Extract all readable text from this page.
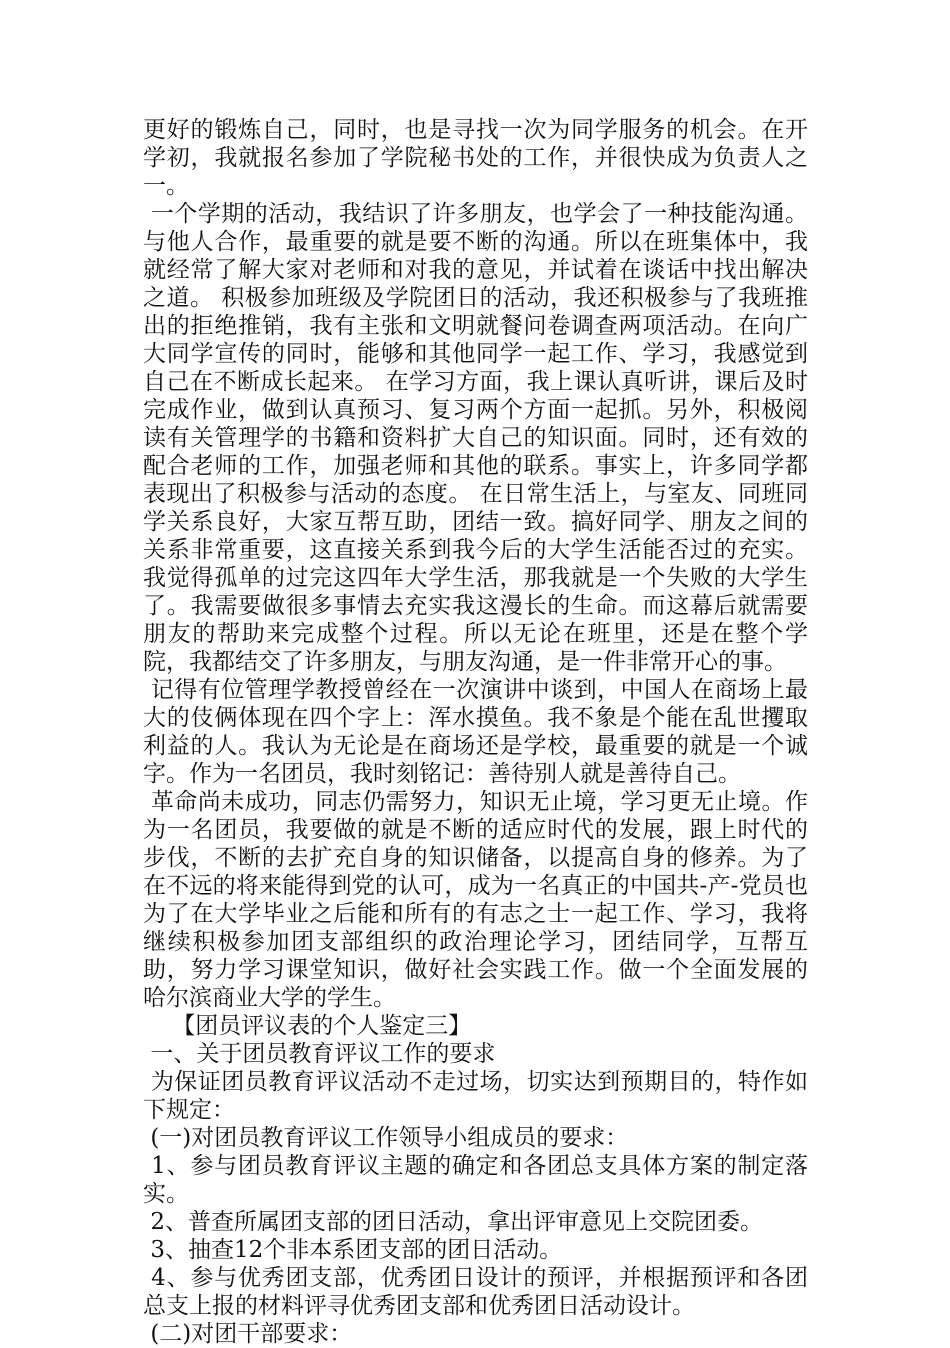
更好的锻炼自己，同时，也是寻找一次为同学服务的机会。在开学初，我就报名参加了学院秘书处的工作，并很快成为负责人之一。

一个学期的活动，我结识了许多朋友，也学会了一种技能沟通。与他人合作，最重要的就是要不断的沟通。所以在班集体中，我就经常了解大家对老师和对我的意见，并试着在谈话中找出解决之道。 积极参加班级及学院团日的活动，我还积极参与了我班推出的拒绝推销，我有主张和文明就餐问卷调查两项活动。在向广大同学宣传的同时，能够和其他同学一起工作、学习，我感觉到自己在不断成长起来。 在学习方面，我上课认真听讲，课后及时完成作业，做到认真预习、复习两个方面一起抓。另外，积极阅读有关管理学的书籍和资料扩大自己的知识面。同时，还有效的配合老师的工作，加强老师和其他的联系。事实上，许多同学都表现出了积极参与活动的态度。 在日常生活上，与室友、同班同学关系良好，大家互帮互助，团结一致。搞好同学、朋友之间的关系非常重要，这直接关系到我今后的大学生活能否过的充实。我觉得孤单的过完这四年大学生活，那我就是一个失败的大学生了。我需要做很多事情去充实我这漫长的生命。而这幕后就需要朋友的帮助来完成整个过程。所以无论在班里，还是在整个学院，我都结交了许多朋友，与朋友沟通，是一件非常开心的事。

记得有位管理学教授曾经在一次演讲中谈到，中国人在商场上最大的伎俩体现在四个字上：浑水摸鱼。我不象是个能在乱世攫取利益的人。我认为无论是在商场还是学校，最重要的就是一个诚字。作为一名团员，我时刻铭记：善待别人就是善待自己。

革命尚未成功，同志仍需努力，知识无止境，学习更无止境。作为一名团员，我要做的就是不断的适应时代的发展，跟上时代的步伐，不断的去扩充自身的知识储备，以提高自身的修养。为了在不远的将来能得到党的认可，成为一名真正的中国共-产-党员也为了在大学毕业之后能和所有的有志之士一起工作、学习，我将继续积极参加团支部组织的政治理论学习，团结同学，互帮互助，努力学习课堂知识，做好社会实践工作。做一个全面发展的哈尔滨商业大学的学生。

【团员评议表的个人鉴定三】

一、关于团员教育评议工作的要求

为保证团员教育评议活动不走过场，切实达到预期目的，特作如下规定：

(一)对团员教育评议工作领导小组成员的要求：

1、参与团员教育评议主题的确定和各团总支具体方案的制定落实。

2、普查所属团支部的团日活动，拿出评审意见上交院团委。

3、抽查12个非本系团支部的团日活动。

4、参与优秀团支部，优秀团日设计的预评，并根据预评和各团总支上报的材料评寻优秀团支部和优秀团日活动设计。

(二)对团干部要求：
